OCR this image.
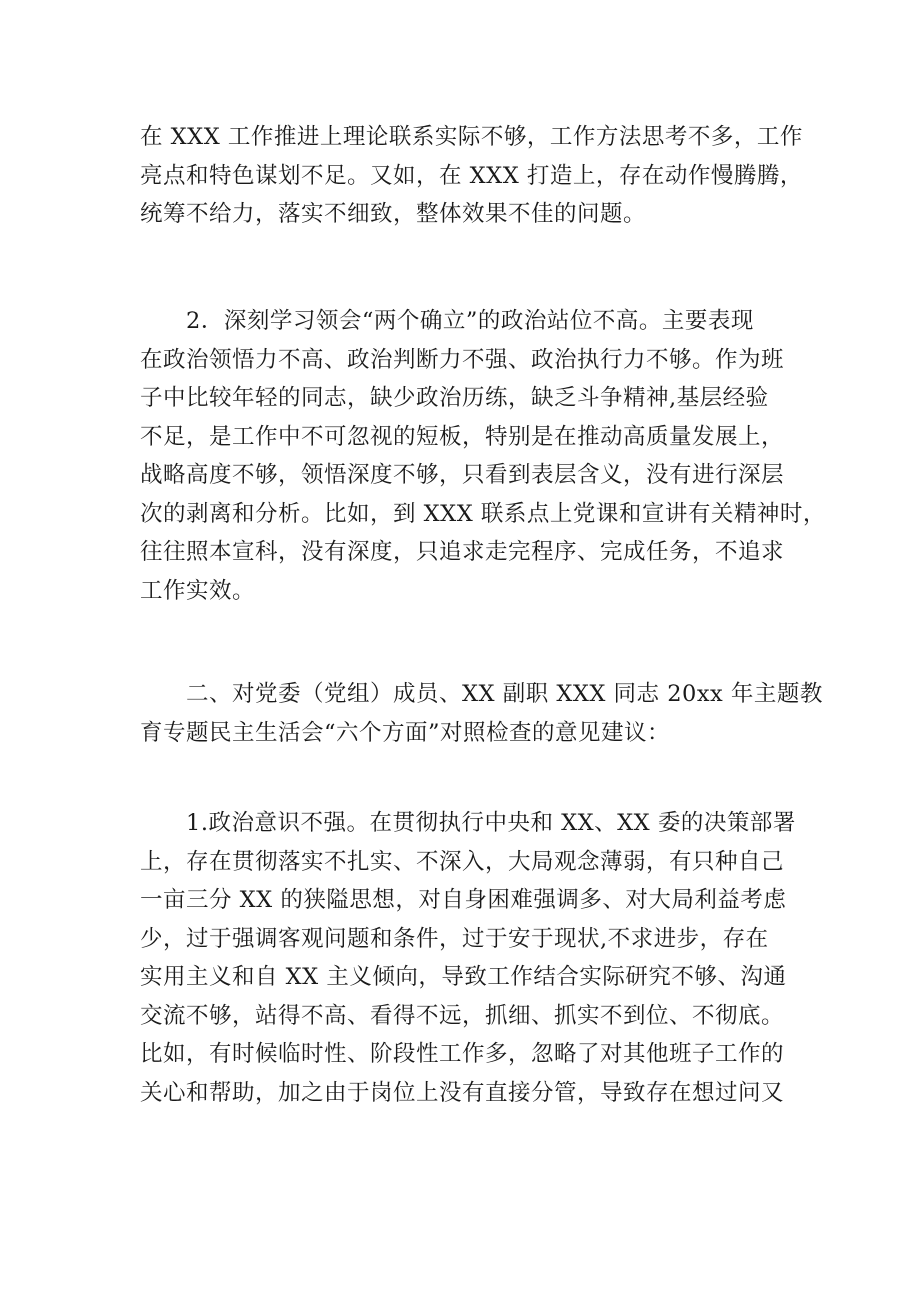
在 XXX 工作推进上理论联系实际不够，工作方法思考不多，工作
亮点和特色谋划不足。又如，在 XXX 打造上，存在动作慢腾腾，
统筹不给力，落实不细致，整体效果不佳的问题。
2．深刻学习领会“两个确立”的政治站位不高。主要表现
在政治领悟力不高、政治判断力不强、政治执行力不够。作为班
子中比较年轻的同志，缺少政治历练，缺乏斗争精神,基层经验
不足，是工作中不可忽视的短板，特别是在推动高质量发展上，
战略高度不够，领悟深度不够，只看到表层含义，没有进行深层
次的剥离和分析。比如，到 XXX 联系点上党课和宣讲有关精神时，
往往照本宣科，没有深度，只追求走完程序、完成任务，不追求
工作实效。
二、对党委（党组）成员、XX 副职 XXX 同志 20xx 年主题教
育专题民主生活会“六个方面”对照检查的意见建议：
1.政治意识不强。在贯彻执行中央和 XX、XX 委的决策部署
上，存在贯彻落实不扎实、不深入，大局观念薄弱，有只种自己
一亩三分 XX 的狭隘思想，对自身困难强调多、对大局利益考虑
少，过于强调客观问题和条件，过于安于现状,不求进步，存在
实用主义和自 XX 主义倾向，导致工作结合实际研究不够、沟通
交流不够，站得不高、看得不远，抓细、抓实不到位、不彻底。
比如，有时候临时性、阶段性工作多，忽略了对其他班子工作的
关心和帮助，加之由于岗位上没有直接分管，导致存在想过问又
